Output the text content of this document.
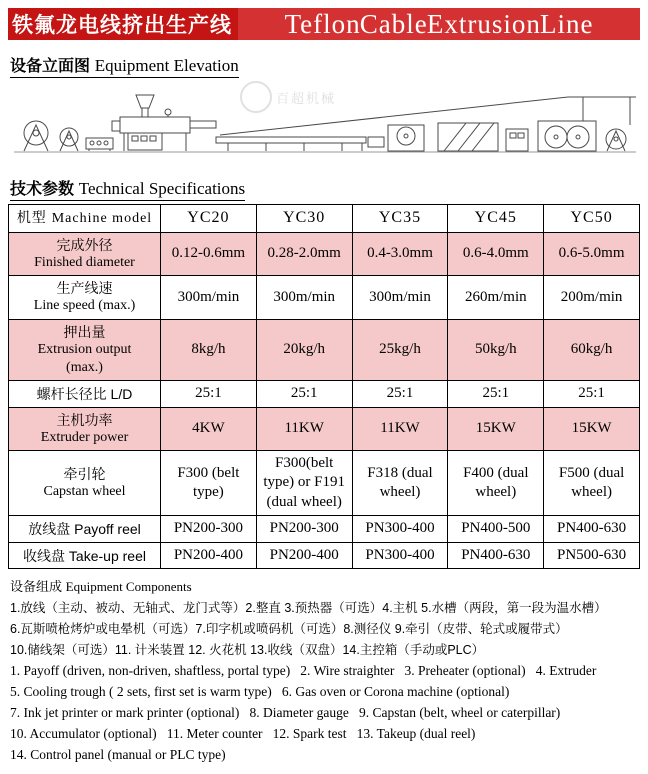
铁氟龙电线挤出生产线	Teflon Cable Extrusion Line
设备立面图 Equipment Elevation
百超机械
技术参数 Technical Specifications
机型 Machine model	YC20	YC30	YC35	YC45	YC50

完成外径
Finished diameter	0.12-0.6mm	0.28-2.0mm	0.4-3.0mm	0.6-4.0mm	0.6-5.0mm

生产线速
Line speed (max.)	300m/min	300m/min	300m/min	260m/min	200m/min

押出量
Extrusion output
(max.)	8kg/h	20kg/h	25kg/h	50kg/h	60kg/h

螺杆长径比 L/D	25:1	25:1	25:1	25:1	25:1

主机功率
Extruder power	4KW	11KW	11KW	15KW	15KW

牵引轮
Capstan wheel	F300 (belt type)	F300(belt type) or F191 (dual wheel)	F318 (dual wheel)	F400 (dual wheel)	F500 (dual wheel)

放线盘 Payoff reel	PN200-300	PN200-300	PN300-400	PN400-500	PN400-630

收线盘 Take-up reel	PN200-400	PN200-400	PN300-400	PN400-630	PN500-630
设备组成 Equipment Components
1.放线（主动、被动、无轴式、龙门式等）2.整直 3.预热器（可选）4.主机 5.水槽（两段，第一段为温水槽）
6.瓦斯喷枪烤炉或电晕机（可选）7.印字机或喷码机（可选）8.测径仪 9.牵引（皮带、轮式或履带式）
10.储线架（可选）11. 计米装置 12. 火花机 13.收线（双盘）14.主控箱（手动或PLC）
1. Payoff (driven, non-driven, shaftless, portal type)   2. Wire straighter   3. Preheater (optional)   4. Extruder
5. Cooling trough ( 2 sets, first set is warm type)   6. Gas oven or Corona machine (optional)
7. Ink jet printer or mark printer (optional)   8. Diameter gauge   9. Capstan (belt, wheel or caterpillar)
10. Accumulator (optional)   11. Meter counter   12. Spark test   13. Takeup (dual reel)
14. Control panel (manual or PLC type)
